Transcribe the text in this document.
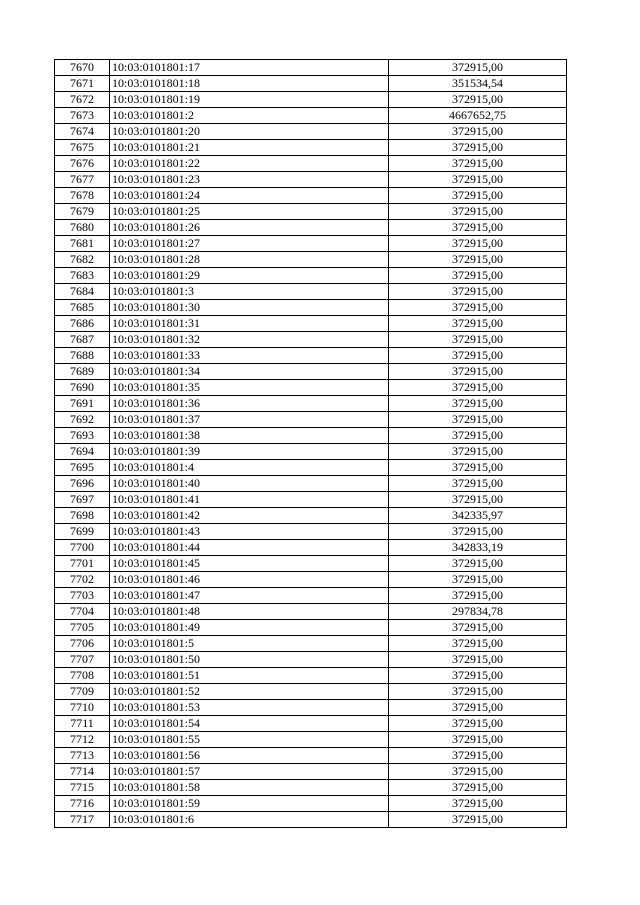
7670	10:03:0101801:17	372915,00
7671	10:03:0101801:18	351534,54
7672	10:03:0101801:19	372915,00
7673	10:03:0101801:2	4667652,75
7674	10:03:0101801:20	372915,00
7675	10:03:0101801:21	372915,00
7676	10:03:0101801:22	372915,00
7677	10:03:0101801:23	372915,00
7678	10:03:0101801:24	372915,00
7679	10:03:0101801:25	372915,00
7680	10:03:0101801:26	372915,00
7681	10:03:0101801:27	372915,00
7682	10:03:0101801:28	372915,00
7683	10:03:0101801:29	372915,00
7684	10:03:0101801:3	372915,00
7685	10:03:0101801:30	372915,00
7686	10:03:0101801:31	372915,00
7687	10:03:0101801:32	372915,00
7688	10:03:0101801:33	372915,00
7689	10:03:0101801:34	372915,00
7690	10:03:0101801:35	372915,00
7691	10:03:0101801:36	372915,00
7692	10:03:0101801:37	372915,00
7693	10:03:0101801:38	372915,00
7694	10:03:0101801:39	372915,00
7695	10:03:0101801:4	372915,00
7696	10:03:0101801:40	372915,00
7697	10:03:0101801:41	372915,00
7698	10:03:0101801:42	342335,97
7699	10:03:0101801:43	372915,00
7700	10:03:0101801:44	342833,19
7701	10:03:0101801:45	372915,00
7702	10:03:0101801:46	372915,00
7703	10:03:0101801:47	372915,00
7704	10:03:0101801:48	297834,78
7705	10:03:0101801:49	372915,00
7706	10:03:0101801:5	372915,00
7707	10:03:0101801:50	372915,00
7708	10:03:0101801:51	372915,00
7709	10:03:0101801:52	372915,00
7710	10:03:0101801:53	372915,00
7711	10:03:0101801:54	372915,00
7712	10:03:0101801:55	372915,00
7713	10:03:0101801:56	372915,00
7714	10:03:0101801:57	372915,00
7715	10:03:0101801:58	372915,00
7716	10:03:0101801:59	372915,00
7717	10:03:0101801:6	372915,00
